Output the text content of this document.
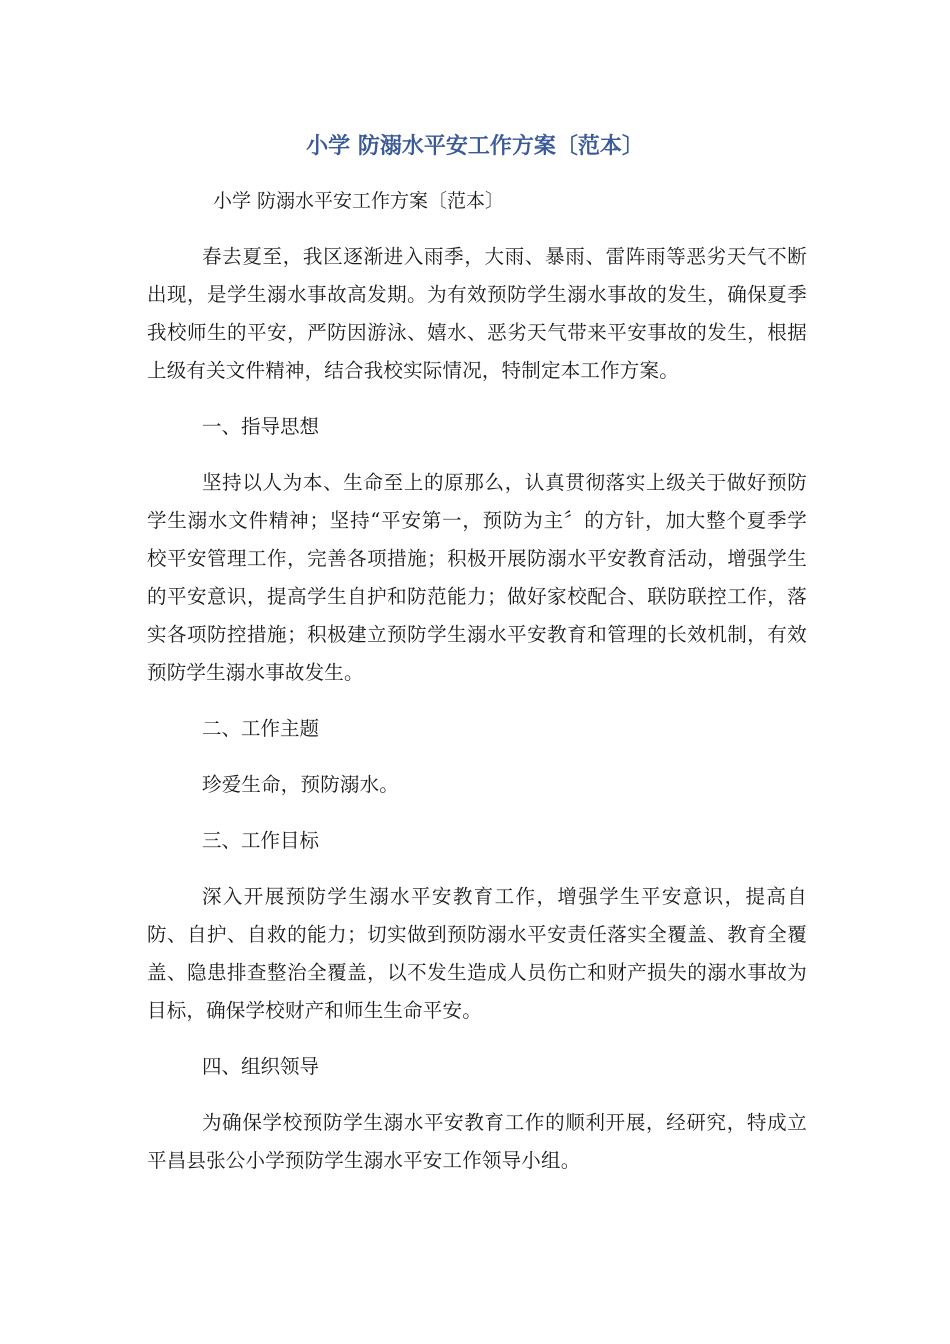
小学 防溺水平安工作方案〔范本〕

小学 防溺水平安工作方案〔范本〕

春去夏至，我区逐渐进入雨季，大雨、暴雨、雷阵雨等恶劣天气不断出现，是学生溺水事故高发期。为有效预防学生溺水事故的发生，确保夏季我校师生的平安，严防因游泳、嬉水、恶劣天气带来平安事故的发生，根据上级有关文件精神，结合我校实际情况，特制定本工作方案。

一、指导思想

坚持以人为本、生命至上的原那么，认真贯彻落实上级关于做好预防学生溺水文件精神；坚持“平安第一，预防为主〞的方针，加大整个夏季学校平安管理工作，完善各项措施；积极开展防溺水平安教育活动，增强学生的平安意识，提高学生自护和防范能力；做好家校配合、联防联控工作，落实各项防控措施；积极建立预防学生溺水平安教育和管理的长效机制，有效预防学生溺水事故发生。

二、工作主题

珍爱生命，预防溺水。

三、工作目标

深入开展预防学生溺水平安教育工作，增强学生平安意识，提高自防、自护、自救的能力；切实做到预防溺水平安责任落实全覆盖、教育全覆盖、隐患排查整治全覆盖，以不发生造成人员伤亡和财产损失的溺水事故为目标，确保学校财产和师生生命平安。

四、组织领导

为确保学校预防学生溺水平安教育工作的顺利开展，经研究，特成立平昌县张公小学预防学生溺水平安工作领导小组。
